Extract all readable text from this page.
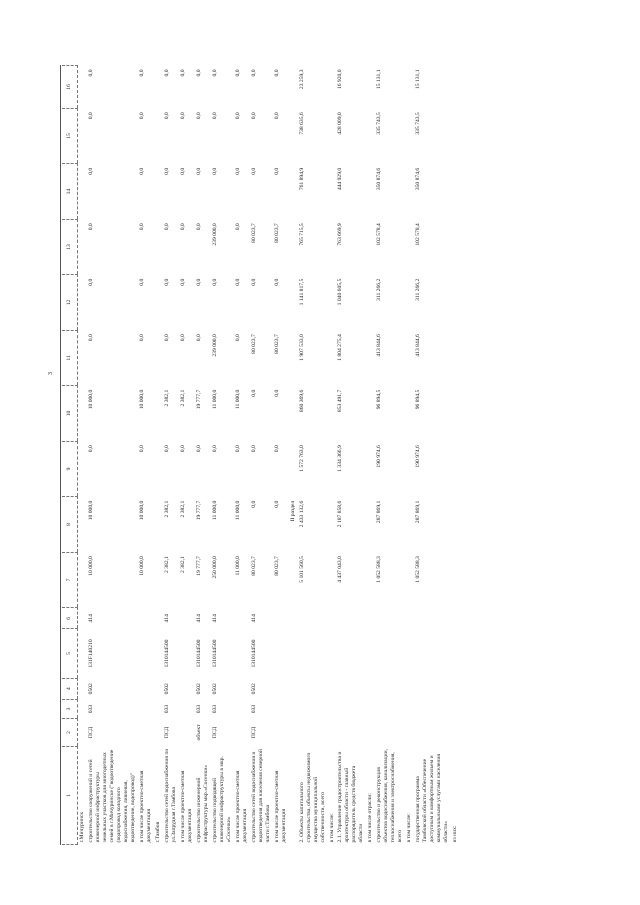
3
1	2	3	4	5	6	7	8	9	10	11	12	13	14	15	16
г.Мичуринск															
строительство сооружений и сетей инженерной инфраструктуры земельных участков для многодетных семей в г.Мичуринске ("водоотведение (водопровод холодного водоснабжения, ливневая, водоотведение, водопровод)"	ПСД	033	0502	131F140210	414	10 000,0	10 000,0	0,0	10 000,0	0,0	0,0	0,0	0,0	0,0	0,0
в том числе проектно-сметная документация						10 000,0	10 000,0	0,0	10 000,0	0,0	0,0	0,0	0,0	0,0	0,0
г.Тамбов															
строительство сетей водоснабжения по ул.Запрудная г.Тамбова	ПСД	033	0502	1310144500	414	2 382,1	2 382,1	0,0	2 382,1	0,0	0,0	0,0	0,0	0,0	0,0
в том числе проектно-сметная документация						2 382,1	2 382,1	0,0	2 382,1	0,0	0,0	0,0	0,0	0,0	0,0
строительство инженерной инфраструктуры мкр.«Сосенки»	объект	033	0502	1310144500	414	19 777,7	19 777,7	0,0	19 777,7	0,0	0,0	0,0	0,0	0,0	0,0
строительство подводящей инженерной инфраструктуры в мкр. «Сосенки»	ПСД	033	0502	1310144500	414	250 000,0	11 000,0	0,0	11 000,0	239 000,0	0,0	239 000,0	0,0	0,0	0,0
в том числе проектно-сметная документация						11 000,0	11 000,0	0,0	11 000,0	0,0	0,0	0,0	0,0	0,0	0,0
строительство сетей водоснабжения и водоотведения для населения северной части г.Тамбова	ПСД	033	0502	1310144500	414	80 023,7	0,0	0,0	0,0	80 023,7	0,0	80 023,7	0,0	0,0	0,0
в том числе проектно-сметная документация						80 023,7	0,0	0,0	0,0	80 023,7	0,0	80 023,7	0,0	0,0	0,0
							II раздел								
2. Объекты капитального строительства, объекты недвижимого имущества муниципальной собственности, всего						5 101 560,5	2 433 132,6	1 572 763,0	860 369,6	1 907 533,0	1 141 817,5	765 715,5	761 894,9	738 635,6	23 259,3
в том числе:															
2.1. Управление градостроительства и архитектуры области - главный распорядитель средств бюджета области						4 437 043,0	2 187 858,6	1 334 366,9	853 491,7	1 804 275,4	1 040 605,5	763 669,9	444 929,0	428 009,0	16 920,0
в том числе отрасли:															
строительство и реконструкция объектов водоснабжения, канализации, теплоснабжения и электроснабжения, всего						1 052 588,3	287 869,1	190 974,6	96 894,5	413 844,6	311 266,2	102 578,4	350 874,6	335 743,5	15 131,1
в том числе:															
государственная программа Тамбовской области «Обеспечение доступным и комфортным жильем и коммунальными услугами населения области»						1 052 588,3	287 869,1	190 974,6	96 894,5	413 844,6	311 266,2	102 578,4	350 874,6	335 743,5	15 131,1
из них:															
